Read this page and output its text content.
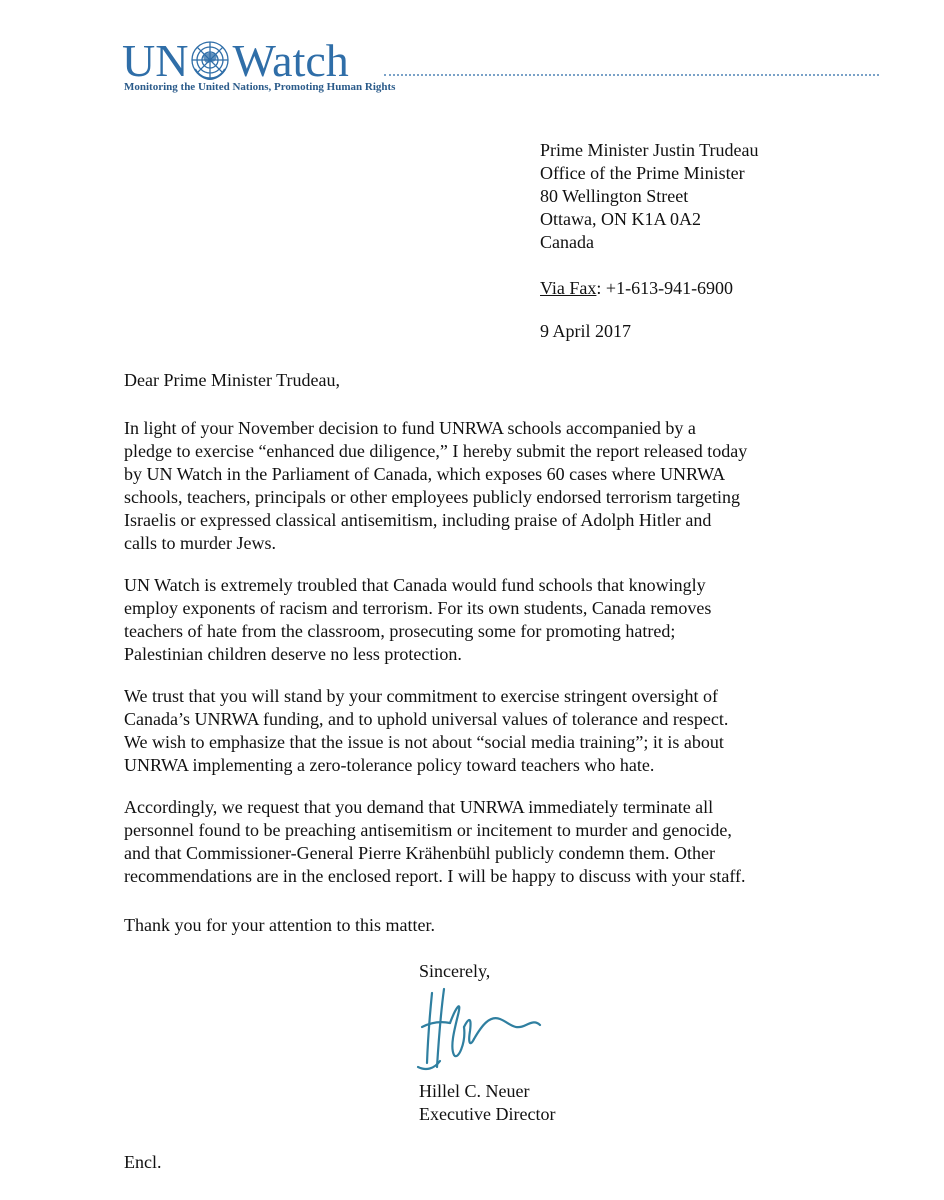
UN Watch
Monitoring the United Nations, Promoting Human Rights
Prime Minister Justin Trudeau
Office of the Prime Minister
80 Wellington Street
Ottawa, ON K1A 0A2
Canada
Via Fax: +1-613-941-6900
9 April 2017
Dear Prime Minister Trudeau,
In light of your November decision to fund UNRWA schools accompanied by a
pledge to exercise “enhanced due diligence,” I hereby submit the report released today
by UN Watch in the Parliament of Canada, which exposes 60 cases where UNRWA
schools, teachers, principals or other employees publicly endorsed terrorism targeting
Israelis or expressed classical antisemitism, including praise of Adolph Hitler and
calls to murder Jews.
UN Watch is extremely troubled that Canada would fund schools that knowingly
employ exponents of racism and terrorism. For its own students, Canada removes
teachers of hate from the classroom, prosecuting some for promoting hatred;
Palestinian children deserve no less protection.
We trust that you will stand by your commitment to exercise stringent oversight of
Canada’s UNRWA funding, and to uphold universal values of tolerance and respect.
We wish to emphasize that the issue is not about “social media training”; it is about
UNRWA implementing a zero-tolerance policy toward teachers who hate.
Accordingly, we request that you demand that UNRWA immediately terminate all
personnel found to be preaching antisemitism or incitement to murder and genocide,
and that Commissioner-General Pierre Krähenbühl publicly condemn them. Other
recommendations are in the enclosed report. I will be happy to discuss with your staff.
Thank you for your attention to this matter.
Sincerely,
Hillel C. Neuer
Executive Director
Encl.
